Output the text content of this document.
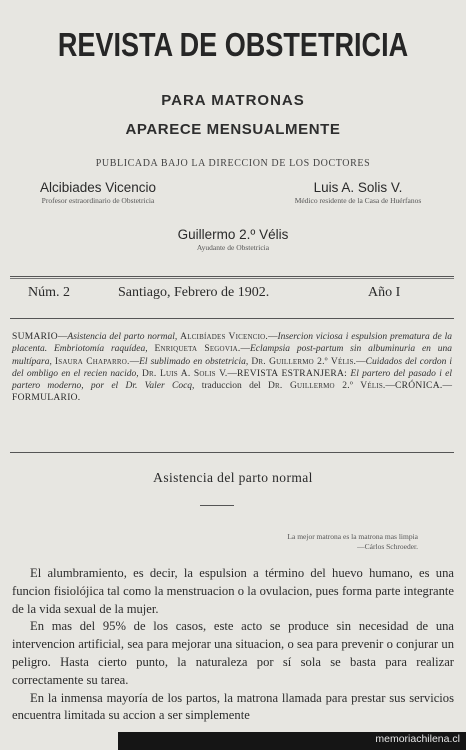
REVISTA DE OBSTETRICIA
PARA MATRONAS
APARECE MENSUALMENTE
PUBLICADA BAJO LA DIRECCION DE LOS DOCTORES
Alcibiades Vicencio
Profesor estraordinario de Obstetricia
Luis A. Solis V.
Médico residente de la Casa de Huérfanos
Guillermo 2.º Vélis
Ayudante de Obstetricia
Núm. 2	Santiago, Febrero de 1902.	Año I
SUMARIO—Asistencia del parto normal, Alcibíades Vicencio.—Insercion viciosa i espulsion prematura de la placenta. Embriotomía raquídea, Enriqueta Segovia.—Eclampsia post-partum sin albuminuria en una multípara, Isaura Chaparro.—El sublimado en obstetricia, Dr. Guillermo 2.º Vélis.—Cuidados del cordon i del ombligo en el recien nacido, Dr. Luis A. Solis V.—REVISTA ESTRANJERA: El partero del pasado i el partero moderno, por el Dr. Valer Cocq, traduccion del Dr. Guillermo 2.º Vélis.—CRÓNICA.—FORMULARIO.
Asistencia del parto normal
La mejor matrona es la matrona mas limpia
—Cárlos Schroeder.

El alumbramiento, es decir, la espulsion a término del huevo humano, es una funcion fisiolójica tal como la menstruacion o la ovulacion, pues forma parte integrante de la vida sexual de la mujer.

En mas del 95% de los casos, este acto se produce sin necesidad de una intervencion artificial, sea para mejorar una situacion, o sea para prevenir o conjurar un peligro. Hasta cierto punto, la naturaleza por sí sola se basta para realizar correctamente su tarea.

En la inmensa mayoría de los partos, la matrona llamada para prestar sus servicios encuentra limitada su accion a ser simplemente

memoriachilena.cl
